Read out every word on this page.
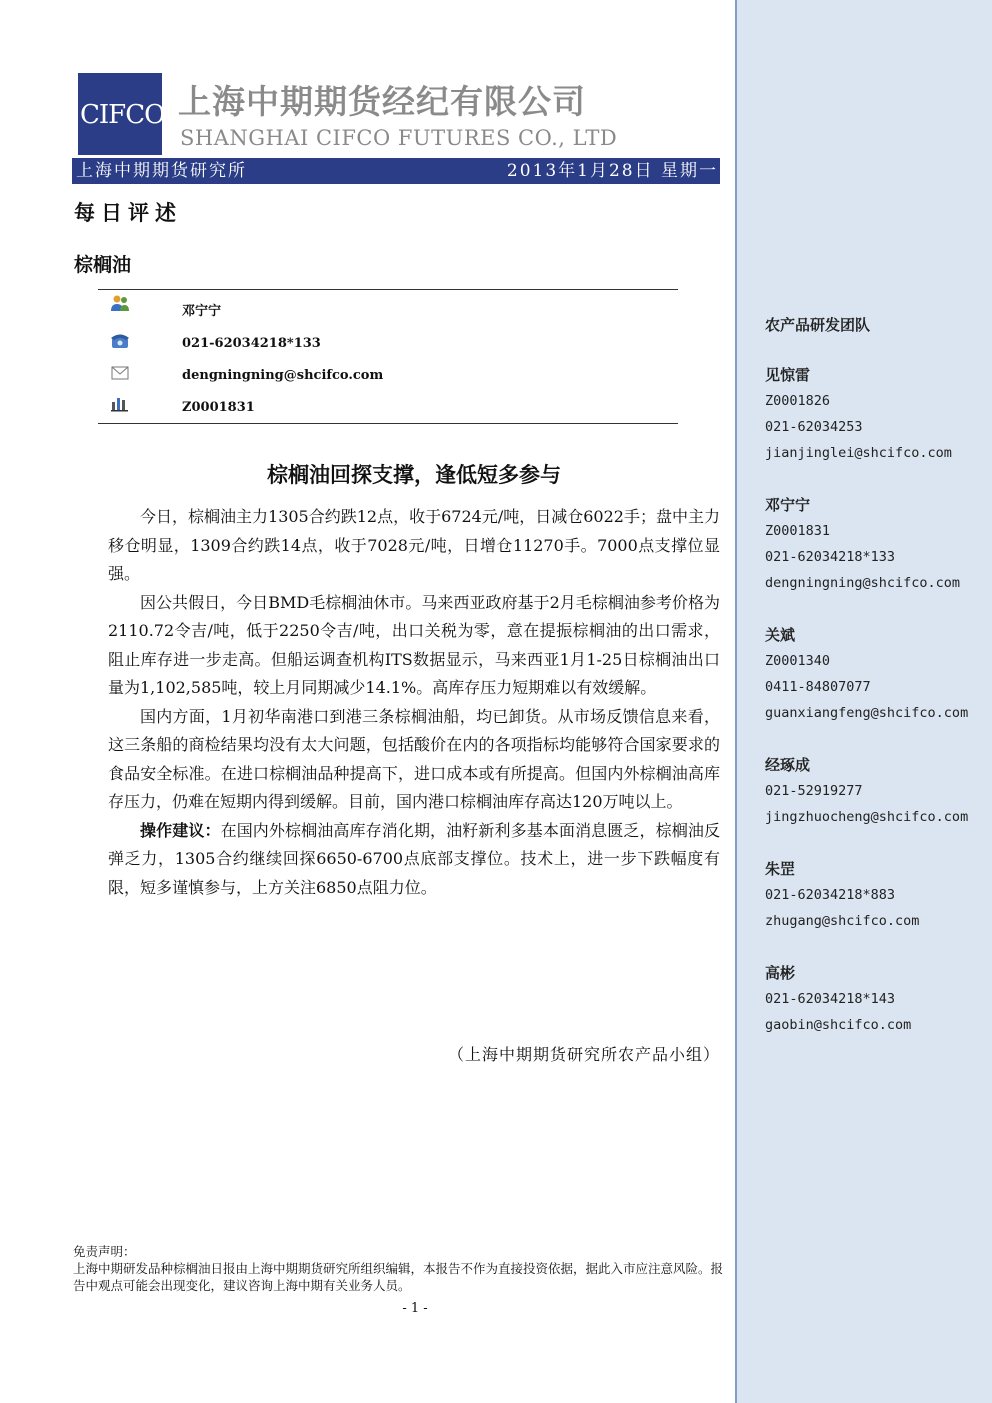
农产品研发团队
见惊雷
Z0001826
021-62034253
jianjinglei@shcifco.com
邓宁宁
Z0001831
021-62034218*133
dengningning@shcifco.com
关斌
Z0001340
0411-84807077
guanxiangfeng@shcifco.com
经琢成
021-52919277
jingzhuocheng@shcifco.com
朱罡
021-62034218*883
zhugang@shcifco.com
高彬
021-62034218*143
gaobin@shcifco.com
CIFCO 上海中期期货经纪有限公司
SHANGHAI CIFCO FUTURES CO., LTD
上海中期期货研究所	2013年1月28日 星期一
每日评述
棕榈油
邓宁宁
021-62034218*133
dengningning@shcifco.com
Z0001831
棕榈油回探支撑，逢低短多参与

今日，棕榈油主力1305合约跌12点，收于6724元/吨，日减仓6022手；盘中主力移仓明显，1309合约跌14点，收于7028元/吨，日增仓11270手。7000点支撑位显强。

因公共假日，今日BMD毛棕榈油休市。马来西亚政府基于2月毛棕榈油参考价格为2110.72令吉/吨，低于2250令吉/吨，出口关税为零，意在提振棕榈油的出口需求，阻止库存进一步走高。但船运调查机构ITS数据显示，马来西亚1月1-25日棕榈油出口量为1,102,585吨，较上月同期减少14.1%。高库存压力短期难以有效缓解。

国内方面，1月初华南港口到港三条棕榈油船，均已卸货。从市场反馈信息来看，这三条船的商检结果均没有太大问题，包括酸价在内的各项指标均能够符合国家要求的食品安全标准。在进口棕榈油品种提高下，进口成本或有所提高。但国内外棕榈油高库存压力，仍难在短期内得到缓解。目前，国内港口棕榈油库存高达120万吨以上。

操作建议：在国内外棕榈油高库存消化期，油籽新利多基本面消息匮乏，棕榈油反弹乏力，1305合约继续回探6650-6700点底部支撑位。技术上，进一步下跌幅度有限，短多谨慎参与，上方关注6850点阻力位。

（上海中期期货研究所农产品小组）
免责声明：
上海中期研发品种棕榈油日报由上海中期期货研究所组织编辑，本报告不作为直接投资依据，据此入市应注意风险。报告中观点可能会出现变化，建议咨询上海中期有关业务人员。
- 1 -
